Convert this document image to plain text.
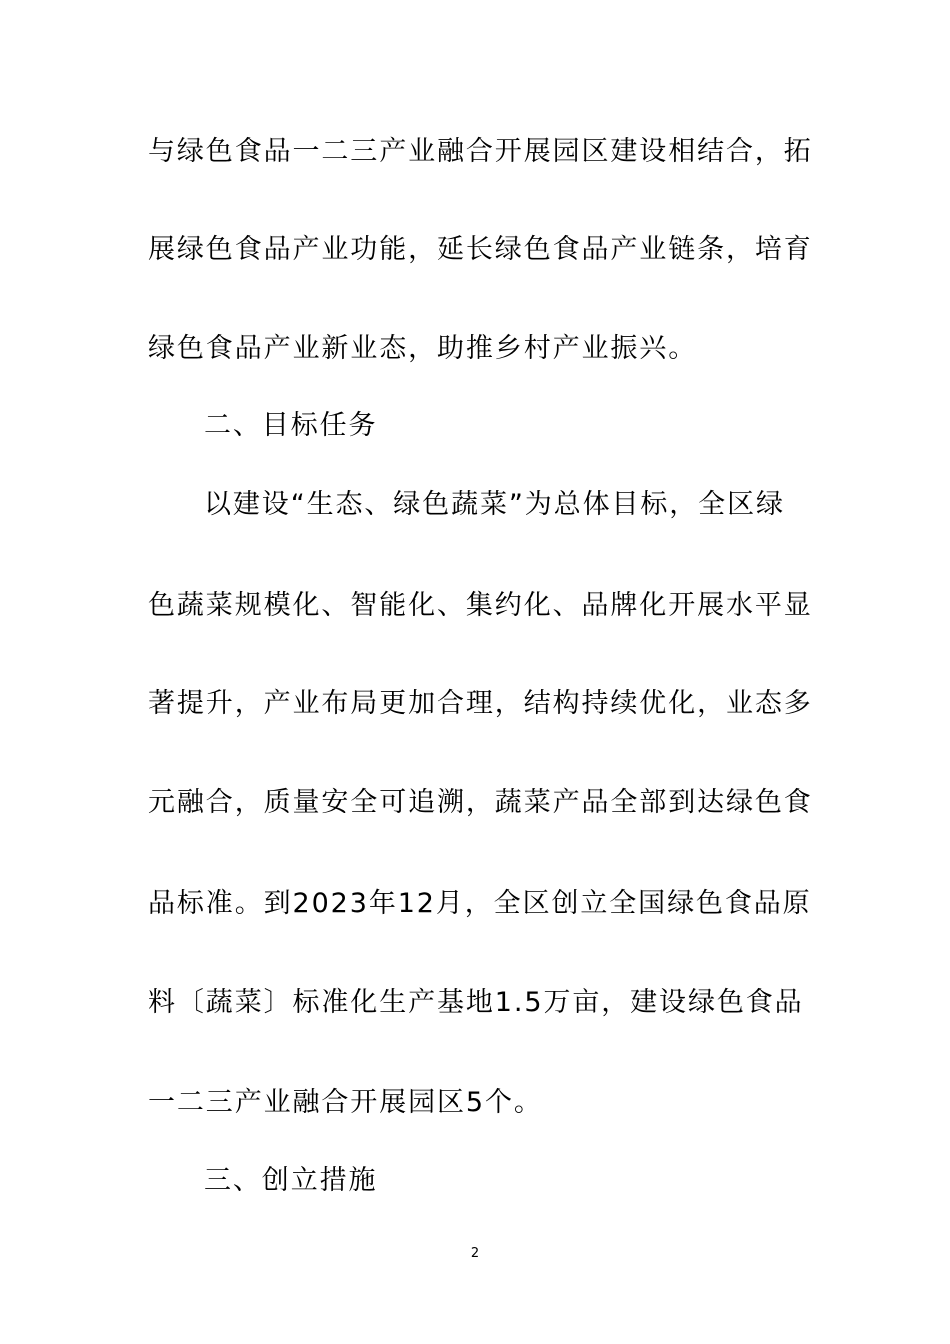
与绿色食品一二三产业融合开展园区建设相结合，拓
展绿色食品产业功能，延长绿色食品产业链条，培育
绿色食品产业新业态，助推乡村产业振兴。
二、目标任务
以建设“生态、绿色蔬菜”为总体目标，全区绿
色蔬菜规模化、智能化、集约化、品牌化开展水平显
著提升，产业布局更加合理，结构持续优化，业态多
元融合，质量安全可追溯，蔬菜产品全部到达绿色食
品标准。到2023年12月，全区创立全国绿色食品原
料〔蔬菜〕标准化生产基地1.5万亩，建设绿色食品
一二三产业融合开展园区5个。
三、创立措施
2
